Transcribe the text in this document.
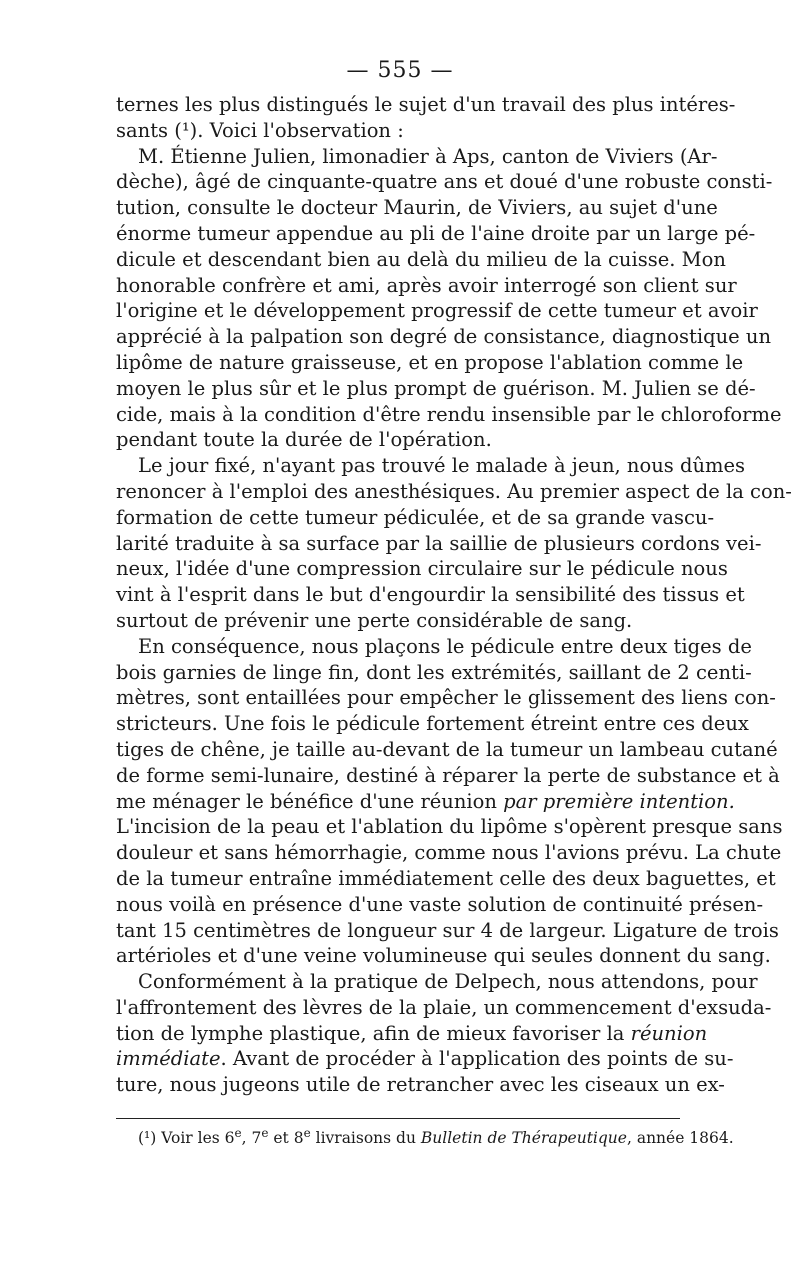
— 555 —
ternes les plus distingués le sujet d'un travail des plus intéres-
sants (¹). Voici l'observation :
M. Étienne Julien, limonadier à Aps, canton de Viviers (Ar-
dèche), âgé de cinquante-quatre ans et doué d'une robuste consti-
tution, consulte le docteur Maurin, de Viviers, au sujet d'une
énorme tumeur appendue au pli de l'aine droite par un large pé-
dicule et descendant bien au delà du milieu de la cuisse. Mon
honorable confrère et ami, après avoir interrogé son client sur
l'origine et le développement progressif de cette tumeur et avoir
apprécié à la palpation son degré de consistance, diagnostique un
lipôme de nature graisseuse, et en propose l'ablation comme le
moyen le plus sûr et le plus prompt de guérison. M. Julien se dé-
cide, mais à la condition d'être rendu insensible par le chloroforme
pendant toute la durée de l'opération.
Le jour fixé, n'ayant pas trouvé le malade à jeun, nous dûmes
renoncer à l'emploi des anesthésiques. Au premier aspect de la con-
formation de cette tumeur pédiculée, et de sa grande vascu-
larité traduite à sa surface par la saillie de plusieurs cordons vei-
neux, l'idée d'une compression circulaire sur le pédicule nous
vint à l'esprit dans le but d'engourdir la sensibilité des tissus et
surtout de prévenir une perte considérable de sang.
En conséquence, nous plaçons le pédicule entre deux tiges de
bois garnies de linge fin, dont les extrémités, saillant de 2 centi-
mètres, sont entaillées pour empêcher le glissement des liens con-
stricteurs. Une fois le pédicule fortement étreint entre ces deux
tiges de chêne, je taille au-devant de la tumeur un lambeau cutané
de forme semi-lunaire, destiné à réparer la perte de substance et à
me ménager le bénéfice d'une réunion par première intention.
L'incision de la peau et l'ablation du lipôme s'opèrent presque sans
douleur et sans hémorrhagie, comme nous l'avions prévu. La chute
de la tumeur entraîne immédiatement celle des deux baguettes, et
nous voilà en présence d'une vaste solution de continuité présen-
tant 15 centimètres de longueur sur 4 de largeur. Ligature de trois
artérioles et d'une veine volumineuse qui seules donnent du sang.
Conformément à la pratique de Delpech, nous attendons, pour
l'affrontement des lèvres de la plaie, un commencement d'exsuda-
tion de lymphe plastique, afin de mieux favoriser la réunion
immédiate. Avant de procéder à l'application des points de su-
ture, nous jugeons utile de retrancher avec les ciseaux un ex-
(¹) Voir les 6e, 7e et 8e livraisons du Bulletin de Thérapeutique, année 1864.
